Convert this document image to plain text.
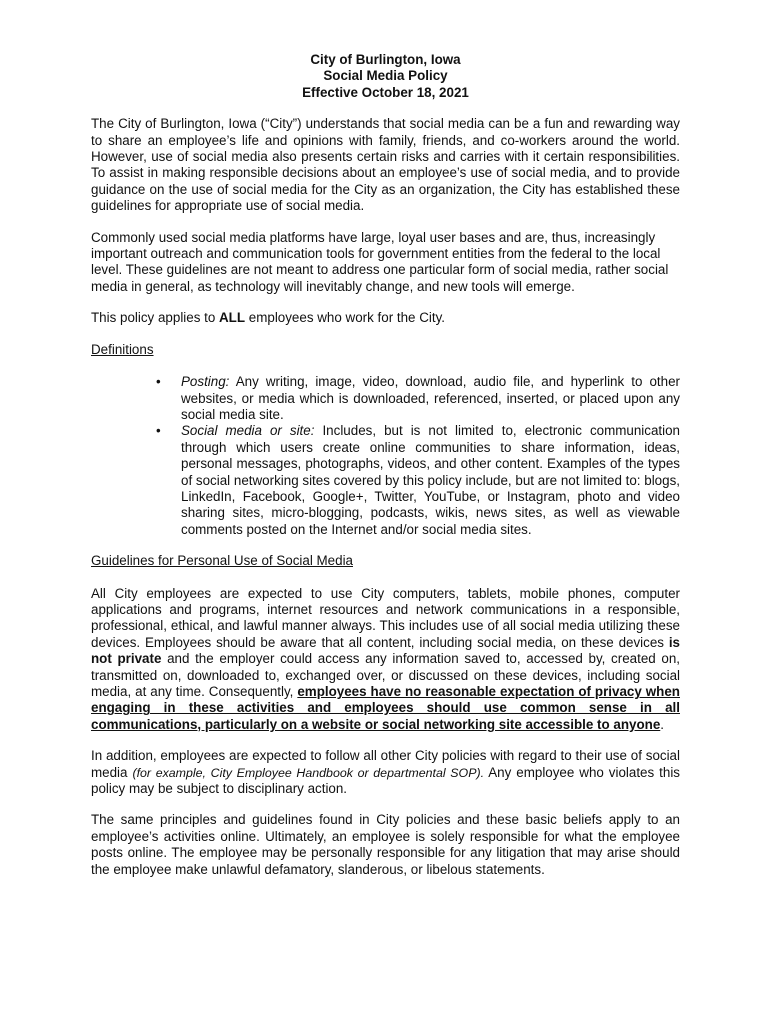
City of Burlington, Iowa
Social Media Policy
Effective October 18, 2021

The City of Burlington, Iowa (“City”) understands that social media can be a fun and rewarding way to share an employee’s life and opinions with family, friends, and co-workers around the world. However, use of social media also presents certain risks and carries with it certain responsibilities. To assist in making responsible decisions about an employee’s use of social media, and to provide guidance on the use of social media for the City as an organization, the City has established these guidelines for appropriate use of social media.

Commonly used social media platforms have large, loyal user bases and are, thus, increasingly important outreach and communication tools for government entities from the federal to the local level. These guidelines are not meant to address one particular form of social media, rather social media in general, as technology will inevitably change, and new tools will emerge.

This policy applies to ALL employees who work for the City.

Definitions
• Posting: Any writing, image, video, download, audio file, and hyperlink to other websites, or media which is downloaded, referenced, inserted, or placed upon any social media site.
• Social media or site: Includes, but is not limited to, electronic communication through which users create online communities to share information, ideas, personal messages, photographs, videos, and other content. Examples of the types of social networking sites covered by this policy include, but are not limited to: blogs, LinkedIn, Facebook, Google+, Twitter, YouTube, or Instagram, photo and video sharing sites, micro-blogging, podcasts, wikis, news sites, as well as viewable comments posted on the Internet and/or social media sites.
Guidelines for Personal Use of Social Media

All City employees are expected to use City computers, tablets, mobile phones, computer applications and programs, internet resources and network communications in a responsible, professional, ethical, and lawful manner always. This includes use of all social media utilizing these devices. Employees should be aware that all content, including social media, on these devices is not private and the employer could access any information saved to, accessed by, created on, transmitted on, downloaded to, exchanged over, or discussed on these devices, including social media, at any time. Consequently, employees have no reasonable expectation of privacy when engaging in these activities and employees should use common sense in all communications, particularly on a website or social networking site accessible to anyone.

In addition, employees are expected to follow all other City policies with regard to their use of social media (for example, City Employee Handbook or departmental SOP). Any employee who violates this policy may be subject to disciplinary action.

The same principles and guidelines found in City policies and these basic beliefs apply to an employee’s activities online. Ultimately, an employee is solely responsible for what the employee posts online. The employee may be personally responsible for any litigation that may arise should the employee make unlawful defamatory, slanderous, or libelous statements.
